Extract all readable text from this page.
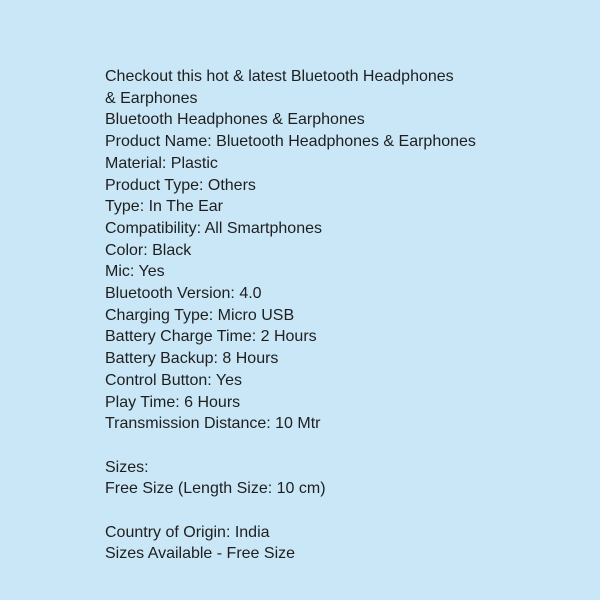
Checkout this hot & latest Bluetooth Headphones
& Earphones
Bluetooth Headphones & Earphones
Product Name: Bluetooth Headphones & Earphones
Material: Plastic
Product Type: Others
Type: In The Ear
Compatibility: All Smartphones
Color: Black
Mic: Yes
Bluetooth Version: 4.0
Charging Type: Micro USB
Battery Charge Time: 2 Hours
Battery Backup: 8 Hours
Control Button: Yes
Play Time: 6 Hours
Transmission Distance: 10 Mtr
Sizes:
Free Size (Length Size: 10 cm)
Country of Origin: India
Sizes Available - Free Size
